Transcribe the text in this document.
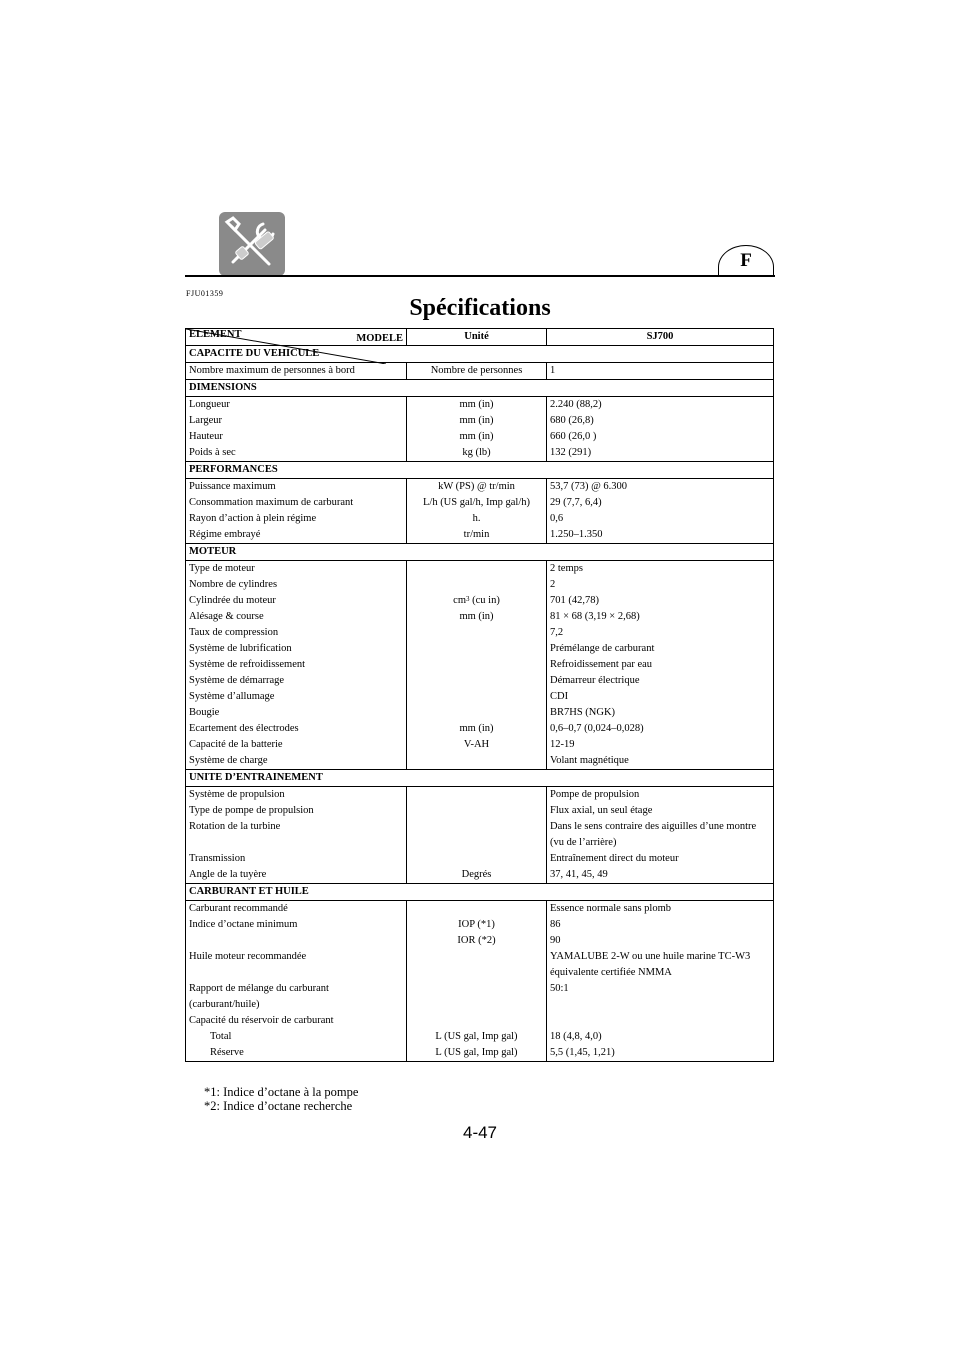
F
FJU01359
Spécifications
MODELE
ELEMENT	Unité	SJ700
CAPACITE DU VEHICULE		
Nombre maximum de personnes à bord	Nombre de personnes	1
DIMENSIONS		
Longueur	mm (in)	2.240 (88,2)
Largeur	mm (in)	680 (26,8)
Hauteur	mm (in)	660 (26,0 )
Poids à sec	kg (lb)	132 (291)
PERFORMANCES		
Puissance maximum	kW (PS) @ tr/min	53,7 (73) @ 6.300
Consommation maximum de carburant	L/h (US gal/h, Imp gal/h)	29 (7,7, 6,4)
Rayon d’action à plein régime	h.	0,6
Régime embrayé	tr/min	1.250–1.350
MOTEUR		
Type de moteur		2 temps
Nombre de cylindres		2
Cylindrée du moteur	$cm^3$ (cu in)	701 (42,78)
Alésage & course	mm (in)	81 × 68 (3,19 × 2,68)
Taux de compression		7,2
Système de lubrification		Prémélange de carburant
Système de refroidissement		Refroidissement par eau
Système de démarrage		Démarreur électrique
Système d’allumage		CDI
Bougie		BR7HS (NGK)
Ecartement des électrodes	mm (in)	0,6–0,7 (0,024–0,028)
Capacité de la batterie	V-AH	12-19
Système de charge		Volant magnétique
UNITE D’ENTRAINEMENT		
Système de propulsion		Pompe de propulsion
Type de pompe de propulsion		Flux axial, un seul étage
Rotation de la turbine		Dans le sens contraire des aiguilles d’une montre
		(vu de l’arrière)
Transmission		Entraînement direct du moteur
Angle de la tuyère	Degrés	37, 41, 45, 49
CARBURANT ET HUILE		
Carburant recommandé		Essence normale sans plomb
Indice d’octane minimum	IOP (*1)	86
	IOR (*2)	90
Huile moteur recommandée		YAMALUBE 2-W ou une huile marine TC-W3
		équivalente certifiée NMMA
Rapport de mélange du carburant		50:1
(carburant/huile)		
Capacité du réservoir de carburant		
Total	L (US gal, Imp gal)	18 (4,8, 4,0)
Réserve	L (US gal, Imp gal)	5,5 (1,45, 1,21)
*1: Indice d’octane à la pompe
*2: Indice d’octane recherche
4-47
